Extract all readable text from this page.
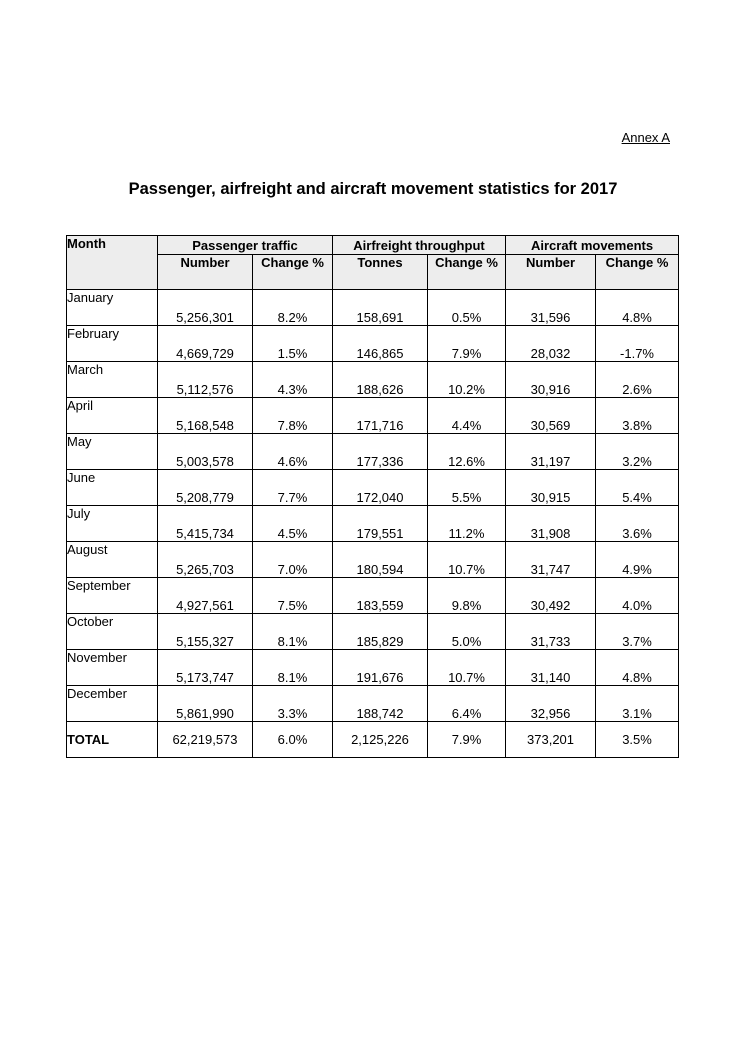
Annex A
Passenger, airfreight and aircraft movement statistics for 2017
Month	Passenger traffic		Airfreight throughput		Aircraft movements	
	Number	Change %	Tonnes	Change %	Number	Change %
January	5,256,301	8.2%	158,691	0.5%	31,596	4.8%
February	4,669,729	1.5%	146,865	7.9%	28,032	-1.7%
March	5,112,576	4.3%	188,626	10.2%	30,916	2.6%
April	5,168,548	7.8%	171,716	4.4%	30,569	3.8%
May	5,003,578	4.6%	177,336	12.6%	31,197	3.2%
June	5,208,779	7.7%	172,040	5.5%	30,915	5.4%
July	5,415,734	4.5%	179,551	11.2%	31,908	3.6%
August	5,265,703	7.0%	180,594	10.7%	31,747	4.9%
September	4,927,561	7.5%	183,559	9.8%	30,492	4.0%
October	5,155,327	8.1%	185,829	5.0%	31,733	3.7%
November	5,173,747	8.1%	191,676	10.7%	31,140	4.8%
December	5,861,990	3.3%	188,742	6.4%	32,956	3.1%
TOTAL	62,219,573	6.0%	2,125,226	7.9%	373,201	3.5%
